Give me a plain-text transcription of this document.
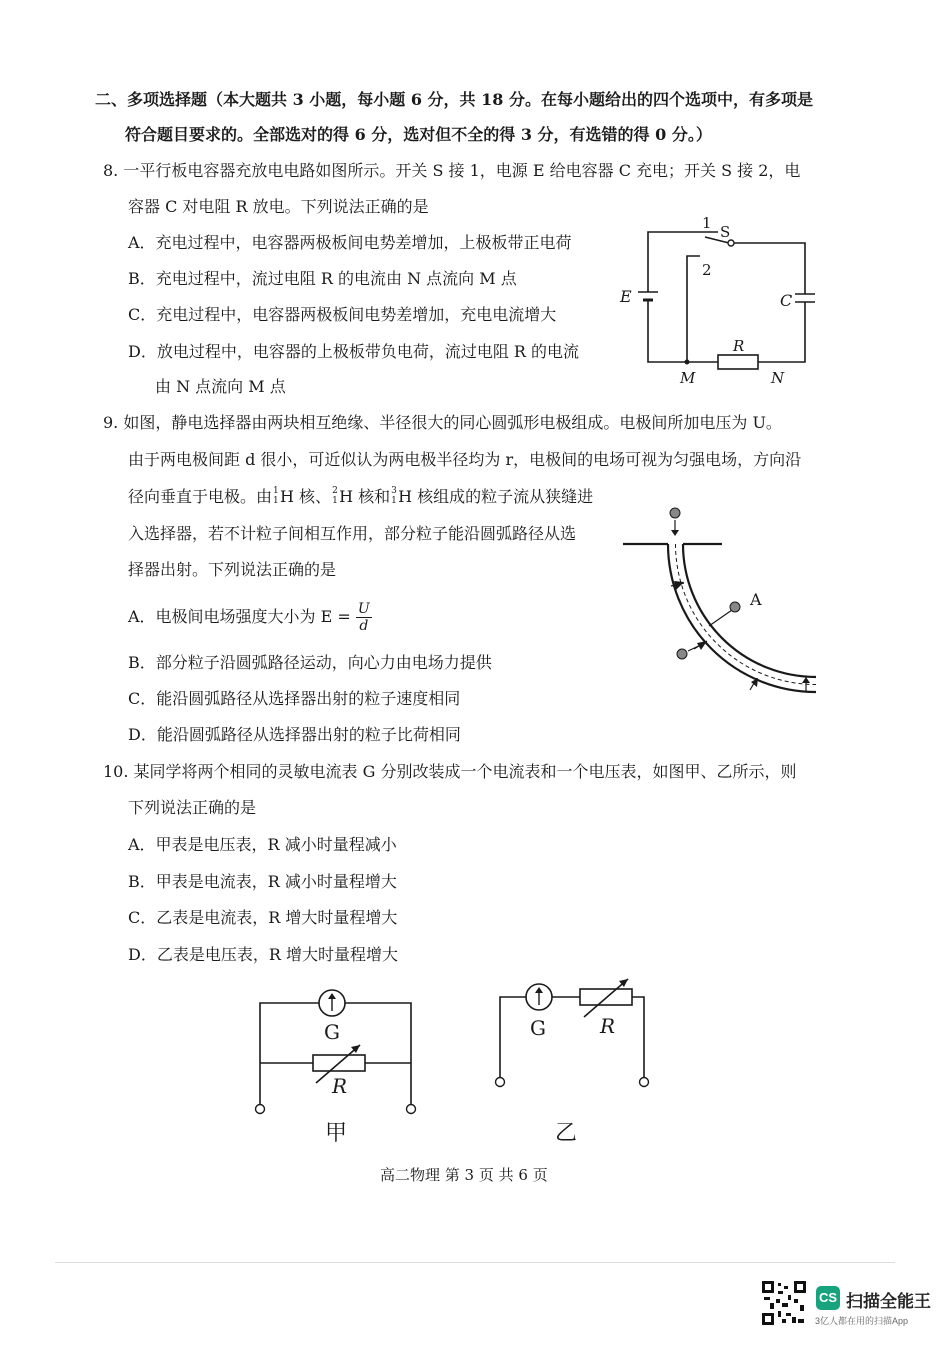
二、多项选择题（本大题共 3 小题，每小题 6 分，共 18 分。在每小题给出的四个选项中，有多项是
符合题目要求的。全部选对的得 6 分，选对但不全的得 3 分，有选错的得 0 分。）
8. 一平行板电容器充放电电路如图所示。开关 S 接 1，电源 E 给电容器 C 充电；开关 S 接 2，电
容器 C 对电阻 R 放电。下列说法正确的是
A．充电过程中，电容器两极板间电势差增加，上极板带正电荷
B．充电过程中，流过电阻 R 的电流由 N 点流向 M 点
C．充电过程中，电容器两极板间电势差增加，充电电流增大
D．放电过程中，电容器的上极板带负电荷，流过电阻 R 的电流
由 N 点流向 M 点
1 S
2
E	C
R
M	N
9. 如图，静电选择器由两块相互绝缘、半径很大的同心圆弧形电极组成。电极间所加电压为 U。
由于两电极间距 d 很小，可近似认为两电极半径均为 r，电极间的电场可视为匀强电场，方向沿
径向垂直于电极。由 1
1 H 核、 2
1 H 核和 3
1 H 核组成的粒子流从狭缝进
入选择器，若不计粒子间相互作用，部分粒子能沿圆弧路径从选
择器出射。下列说法正确的是
A．电极间电场强度大小为 $E = \frac{U}{d}$
B．部分粒子沿圆弧路径运动，向心力由电场力提供
C．能沿圆弧路径从选择器出射的粒子速度相同
D．能沿圆弧路径从选择器出射的粒子比荷相同
A
10. 某同学将两个相同的灵敏电流表 G 分别改装成一个电流表和一个电压表，如图甲、乙所示，则
下列说法正确的是
A．甲表是电压表，R 减小时量程减小
B．甲表是电流表，R 减小时量程增大
C．乙表是电流表，R 增大时量程增大
D．乙表是电压表，R 增大时量程增大
G
R
G	R
甲	乙
高二物理 第 3 页 共 6 页
CS 扫描全能王
3亿人都在用的扫描App
